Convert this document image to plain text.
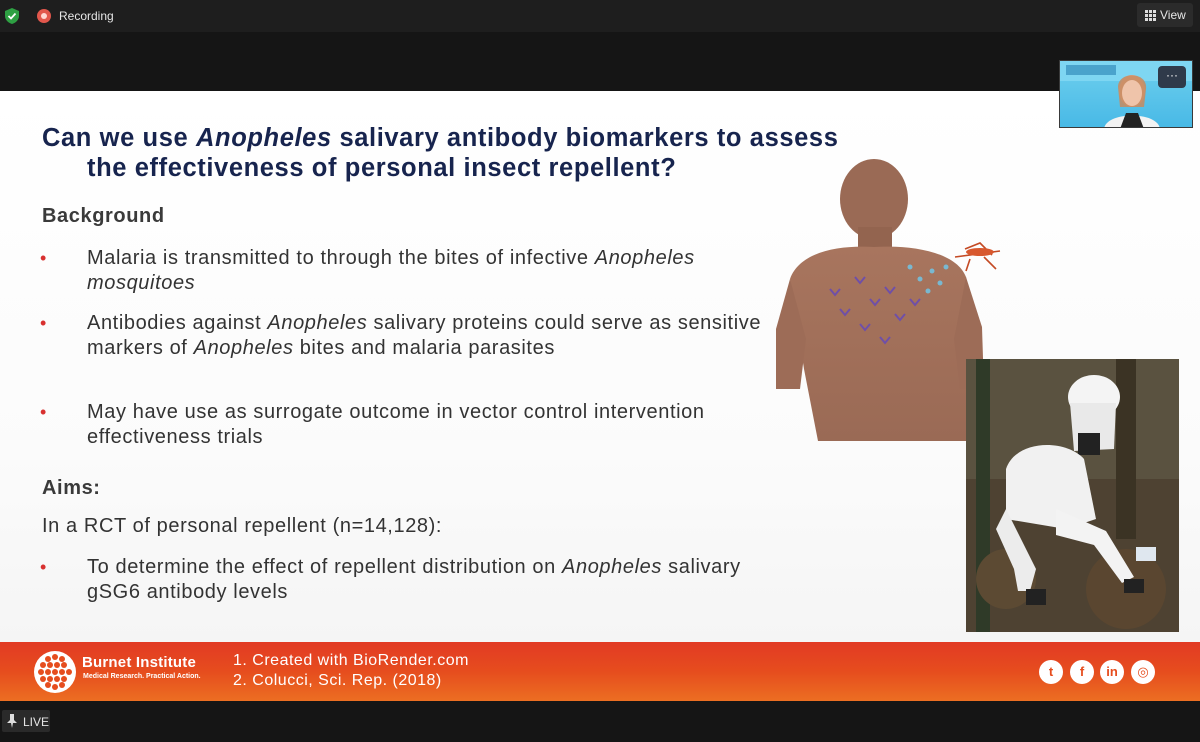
Recording	View
Can we use Anopheles salivary antibody biomarkers to assess
the effectiveness of personal insect repellent?
Background
• Malaria is transmitted to through the bites of infective Anopheles mosquitoes
• Antibodies against Anopheles salivary proteins could serve as sensitive markers of Anopheles bites and malaria parasites
• May have use as surrogate outcome in vector control intervention effectiveness trials
Aims:
In a RCT of personal repellent (n=14,128):
• To determine the effect of repellent distribution on Anopheles salivary gSG6 antibody levels
Burnet Institute
Medical Research. Practical Action.
1. Created with BioRender.com
2. Colucci, Sci. Rep. (2018)
t	f	in	◎
···
LIVE
